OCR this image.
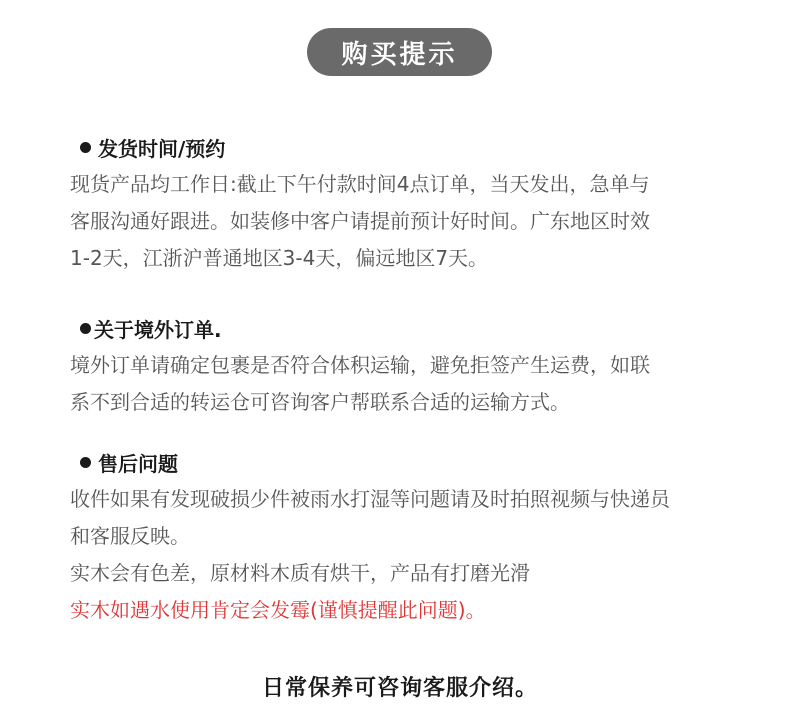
购买提示
发货时间/预约

现货产品均工作日:截止下午付款时间4点订单，当天发出，急单与
客服沟通好跟进。如装修中客户请提前预计好时间。广东地区时效
1-2天，江浙沪普通地区3-4天，偏远地区7天。

关于境外订单.

境外订单请确定包裹是否符合体积运输，避免拒签产生运费，如联
系不到合适的转运仓可咨询客户帮联系合适的运输方式。

售后问题

收件如果有发现破损少件被雨水打湿等问题请及时拍照视频与快递员
和客服反映。

实木会有色差，原材料木质有烘干，产品有打磨光滑

实木如遇水使用肯定会发霉(谨慎提醒此问题)。

日常保养可咨询客服介绍。
